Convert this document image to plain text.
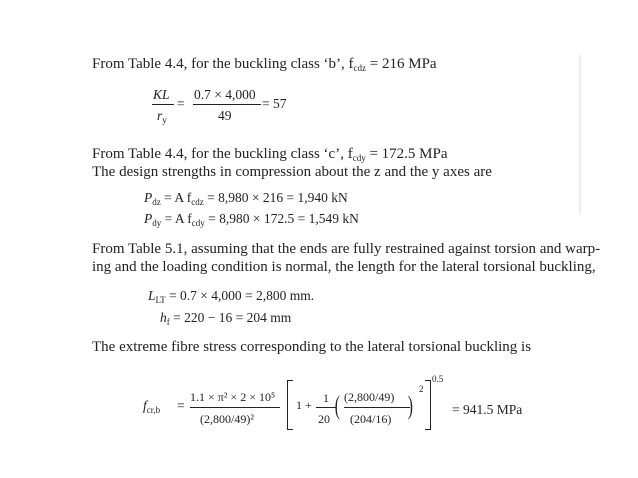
From Table 4.4, for the buckling class ‘b’, $f_{cdz} = 216$ MPa
KL
$r_y$
=
0.7 × 4,000
49
= 57
From Table 4.4, for the buckling class ‘c’, $f_{cdy} = 172.5$ MPa
The design strengths in compression about the z and the y axes are
$P_{dz} = A$ $f_{cdz} = 8,980 \times 216 = 1,940$ kN
$P_{dy} = A$ $f_{cdy} = 8,980 \times 172.5 = 1,549$ kN
From Table 5.1, assuming that the ends are fully restrained against torsion and warp-
ing and the loading condition is normal, the length for the lateral torsional buckling,
$L_{LT} = 0.7 \times 4,000 = 2,800$ mm.
$h_f = 220 - 16 = 204$ mm
The extreme fibre stress corresponding to the lateral torsional buckling is
$f_{cr,b}$ =
1.1 × π² × 2 × 10⁵
(2,800/49)²
1 + 1
20 ( (2,800/49)
(204/16) )
2
0.5
= 941.5 MPa
